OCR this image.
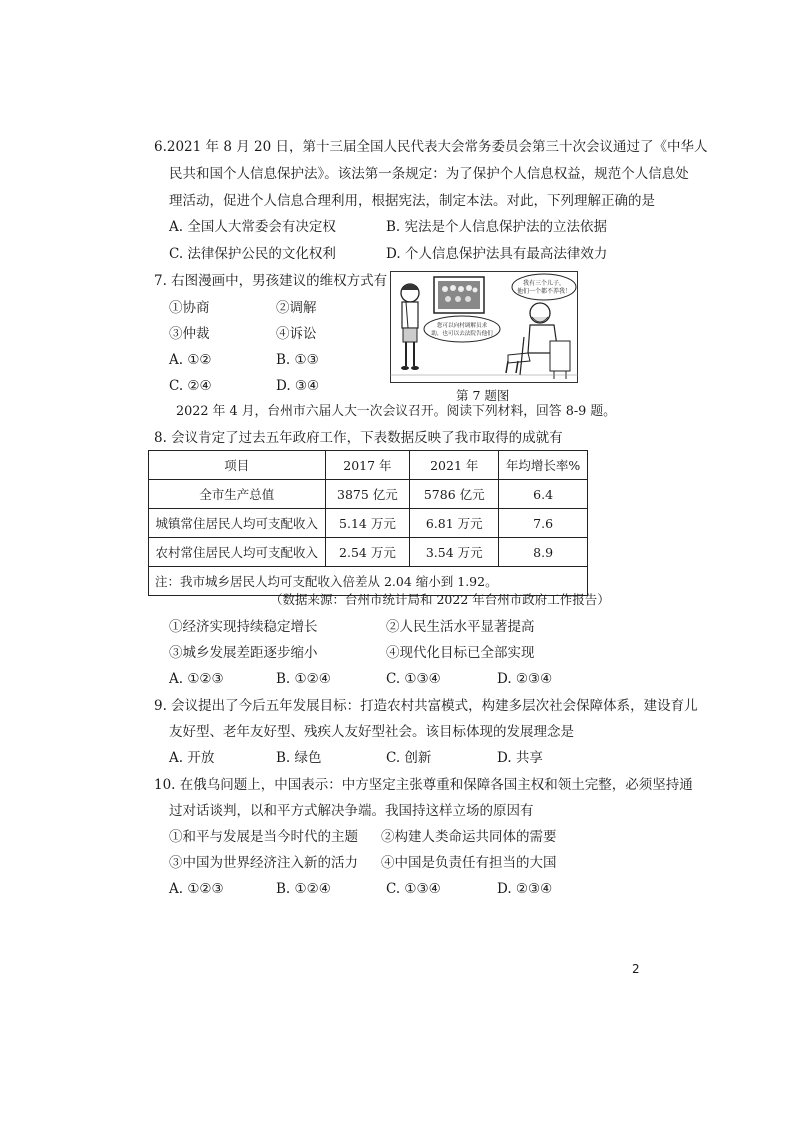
6.2021 年 8 月 20 日，第十三届全国人民代表大会常务委员会第三十次会议通过了《中华人
民共和国个人信息保护法》。该法第一条规定：为了保护个人信息权益，规范个人信息处
理活动，促进个人信息合理利用，根据宪法，制定本法。对此，下列理解正确的是
A. 全国人大常委会有决定权	B. 宪法是个人信息保护法的立法依据
C. 法律保护公民的文化权利	D. 个人信息保护法具有最高法律效力
7. 右图漫画中，男孩建议的维权方式有
①协商	②调解
③仲裁	④诉讼
A. ①②	B. ①③
C. ②④	D. ③④
我有三个儿子，
他们一个都不养我！
您可以向村调解员求
助，也可以去法院告他们
第 7 题图
2022 年 4 月，台州市六届人大一次会议召开。阅读下列材料，回答 8-9 题。
8. 会议肯定了过去五年政府工作，下表数据反映了我市取得的成就有
项目	2017 年	2021 年	年均增长率%
全市生产总值	3875 亿元	5786 亿元	6.4
城镇常住居民人均可支配收入	5.14 万元	6.81 万元	7.6
农村常住居民人均可支配收入	2.54 万元	3.54 万元	8.9
注：我市城乡居民人均可支配收入倍差从 2.04 缩小到 1.92。			
（数据来源：台州市统计局和 2022 年台州市政府工作报告）
①经济实现持续稳定增长	②人民生活水平显著提高
③城乡发展差距逐步缩小	④现代化目标已全部实现
A. ①②③	B. ①②④	C. ①③④	D. ②③④
9. 会议提出了今后五年发展目标：打造农村共富模式，构建多层次社会保障体系，建设育儿
友好型、老年友好型、残疾人友好型社会。该目标体现的发展理念是
A. 开放	B. 绿色	C. 创新	D. 共享
10. 在俄乌问题上，中国表示：中方坚定主张尊重和保障各国主权和领土完整，必须坚持通
过对话谈判，以和平方式解决争端。我国持这样立场的原因有
①和平与发展是当今时代的主题 ②构建人类命运共同体的需要
③中国为世界经济注入新的活力 ④中国是负责任有担当的大国
A. ①②③	B. ①②④	C. ①③④	D. ②③④
2
